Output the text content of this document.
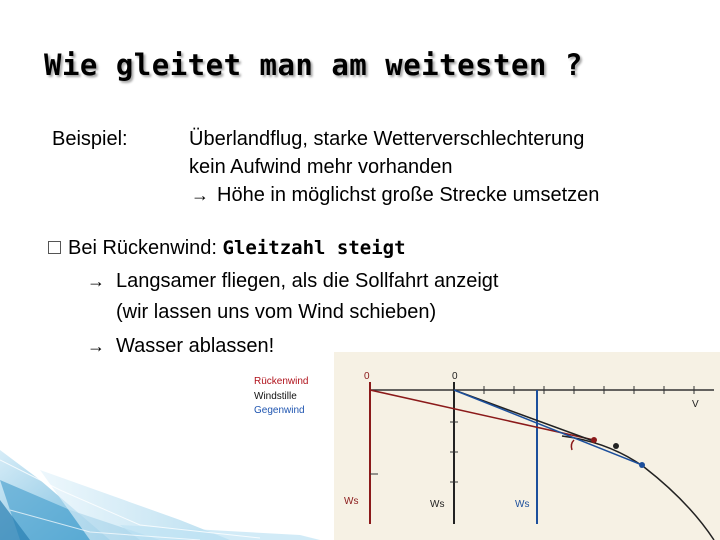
Wie gleitet man am weitesten ?
Beispiel:	Überlandflug, starke Wetterverschlechterung
kein Aufwind mehr vorhanden
→ Höhe in möglichst große Strecke umsetzen
Bei Rückenwind: Gleitzahl steigt
→ Langsamer fliegen, als die Sollfahrt anzeigt
(wir lassen uns vom Wind schieben)
→ Wasser ablassen!
Rückenwind
Windstille
Gegenwind
0	0
V
Ws	Ws	Ws
